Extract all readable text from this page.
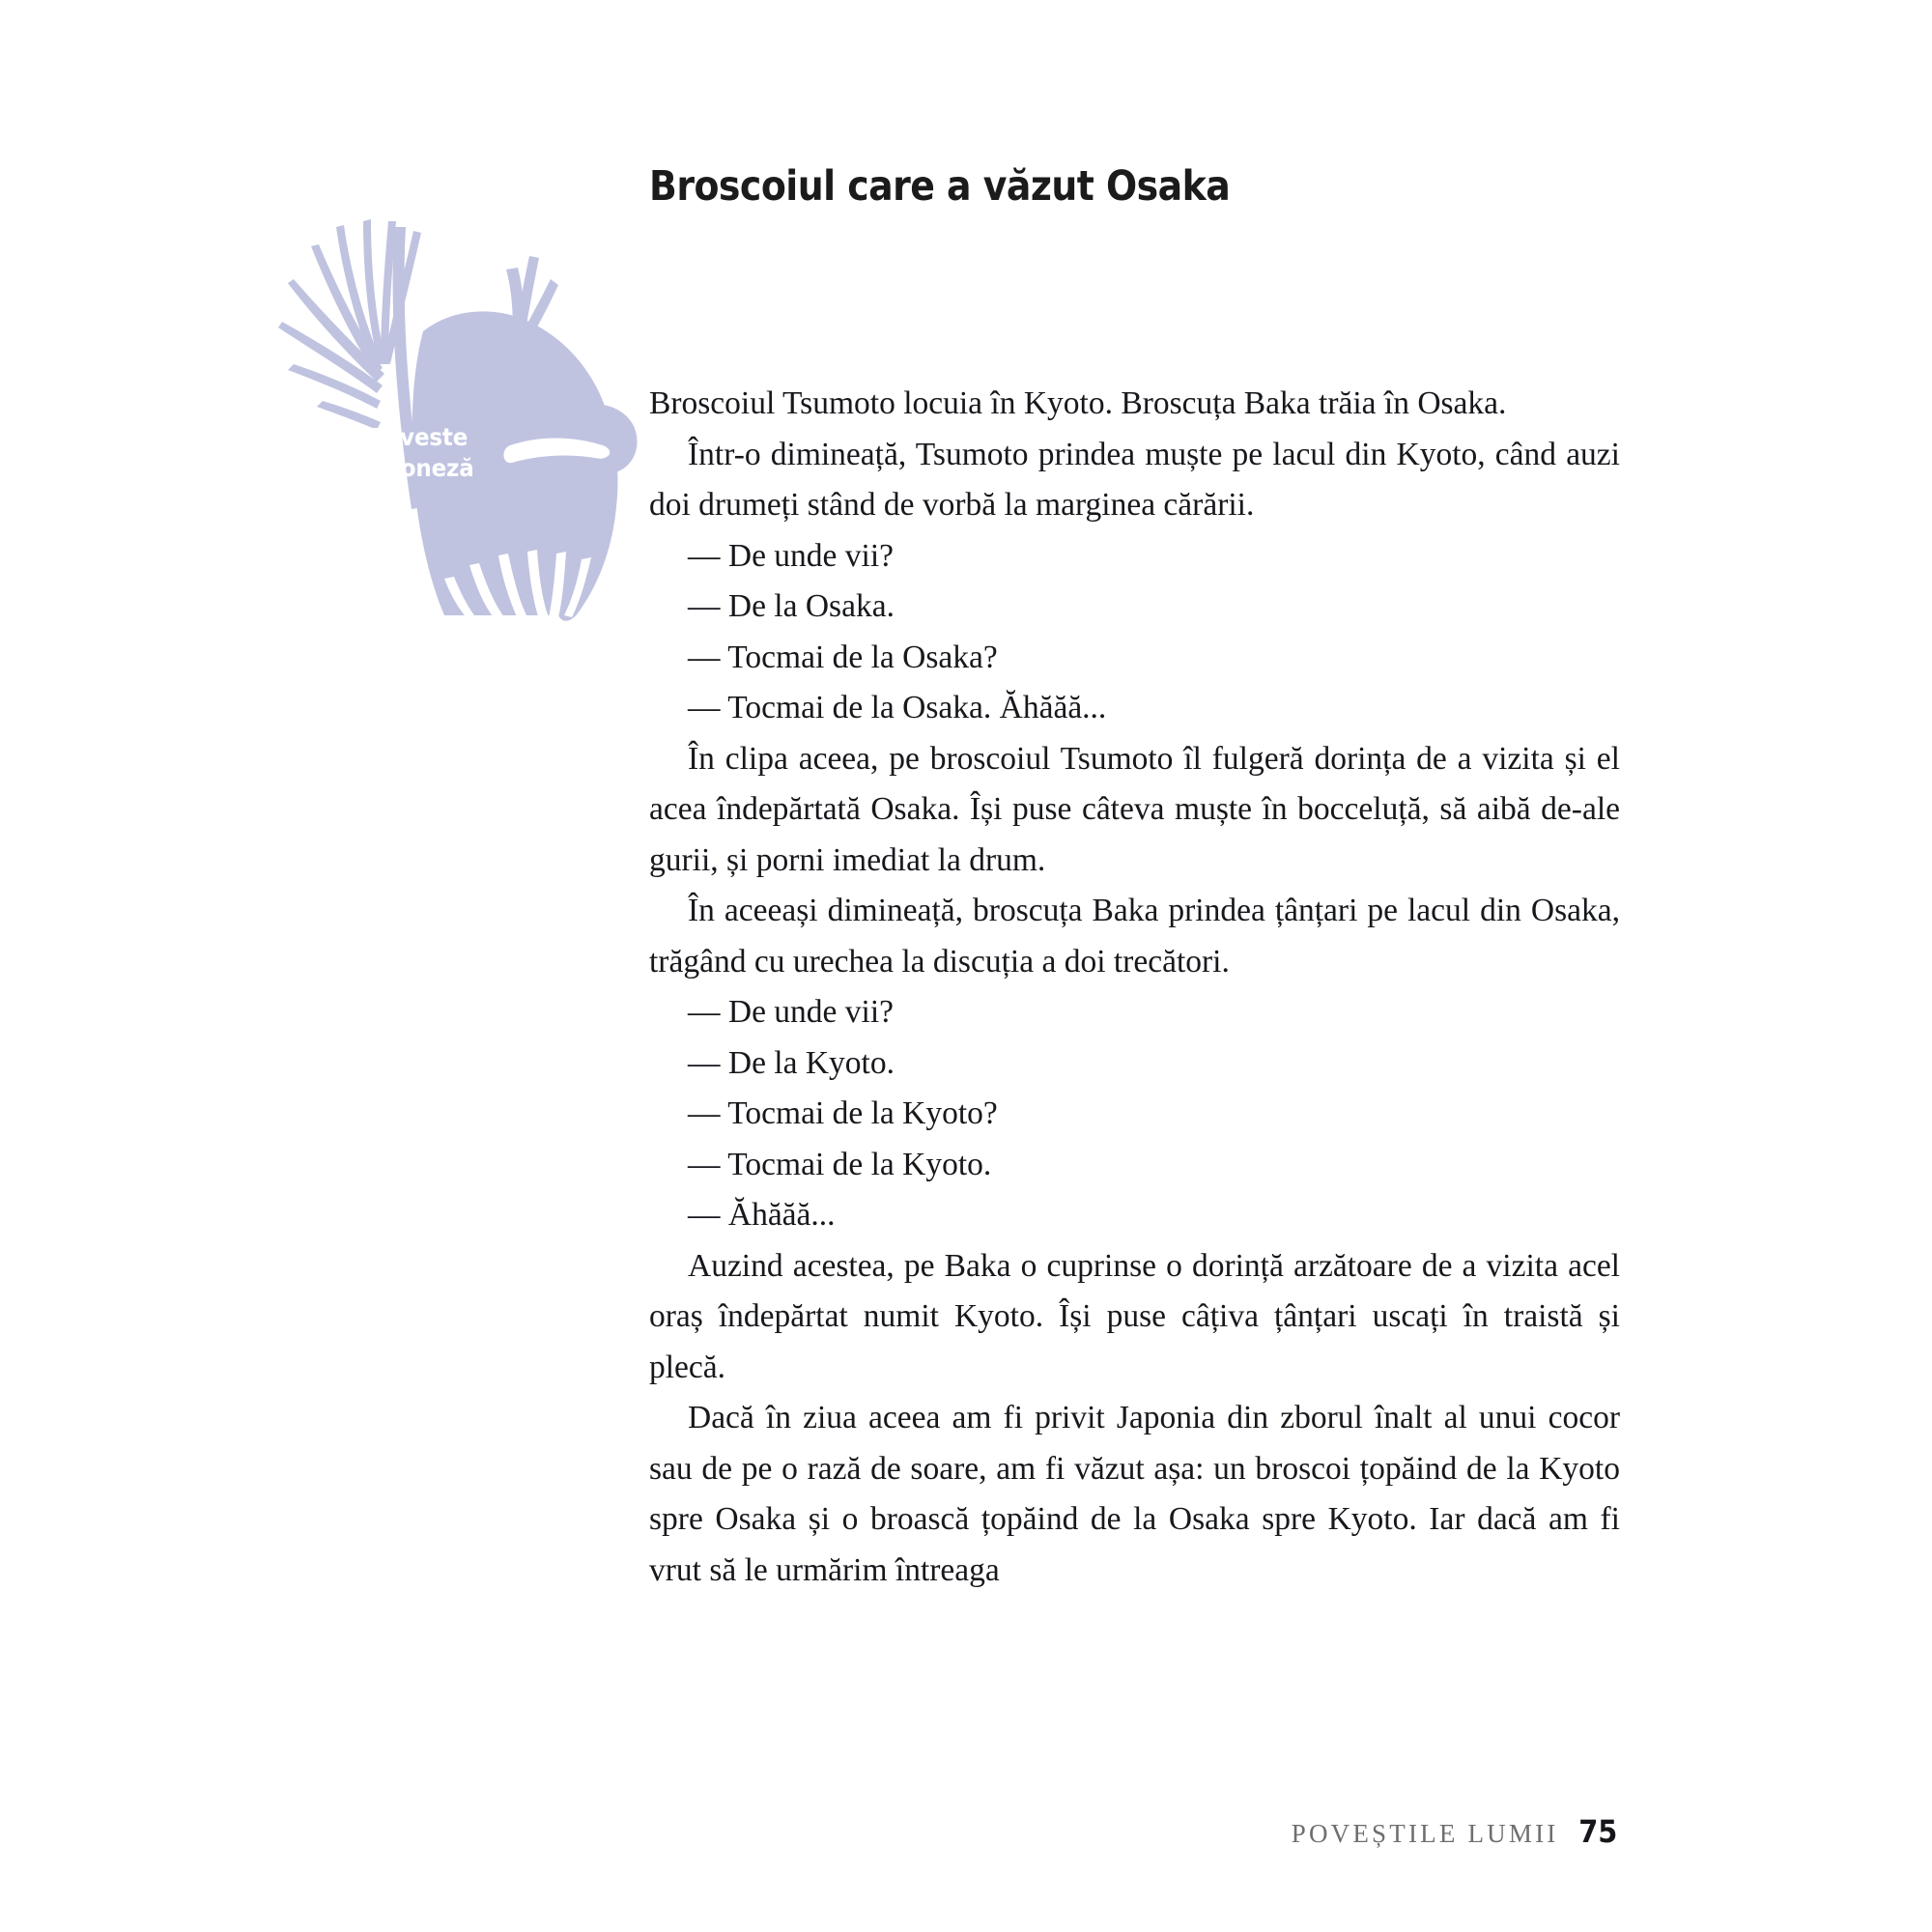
Broscoiul care a văzut Osaka
Poveste
japoneză

Broscoiul Tsumoto locuia în Kyoto. Broscuța Baka trăia în Osaka.

Într-o dimineață, Tsumoto prindea muște pe lacul din Kyoto, când auzi doi drumeți stând de vorbă la marginea cărării.

— De unde vii?

— De la Osaka.

— Tocmai de la Osaka?

— Tocmai de la Osaka. Ăhăăă...

În clipa aceea, pe broscoiul Tsumoto îl fulgeră dorința de a vizita și el acea îndepărtată Osaka. Își puse câteva muște în bocceluță, să aibă de-ale gurii, și porni imediat la drum.

În aceeași dimineață, broscuța Baka prindea țânțari pe lacul din Osaka, trăgând cu urechea la discuția a doi trecători.

— De unde vii?

— De la Kyoto.

— Tocmai de la Kyoto?

— Tocmai de la Kyoto.

— Ăhăăă...

Auzind acestea, pe Baka o cuprinse o dorință arzătoare de a vizita acel oraș îndepărtat numit Kyoto. Își puse câțiva țânțari uscați în traistă și plecă.

Dacă în ziua aceea am fi privit Japonia din zborul înalt al unui cocor sau de pe o rază de soare, am fi văzut așa: un broscoi țopăind de la Kyoto spre Osaka și o broască țopăind de la Osaka spre Kyoto. Iar dacă am fi vrut să le urmărim întreaga

POVEȘTILE LUMII 75
